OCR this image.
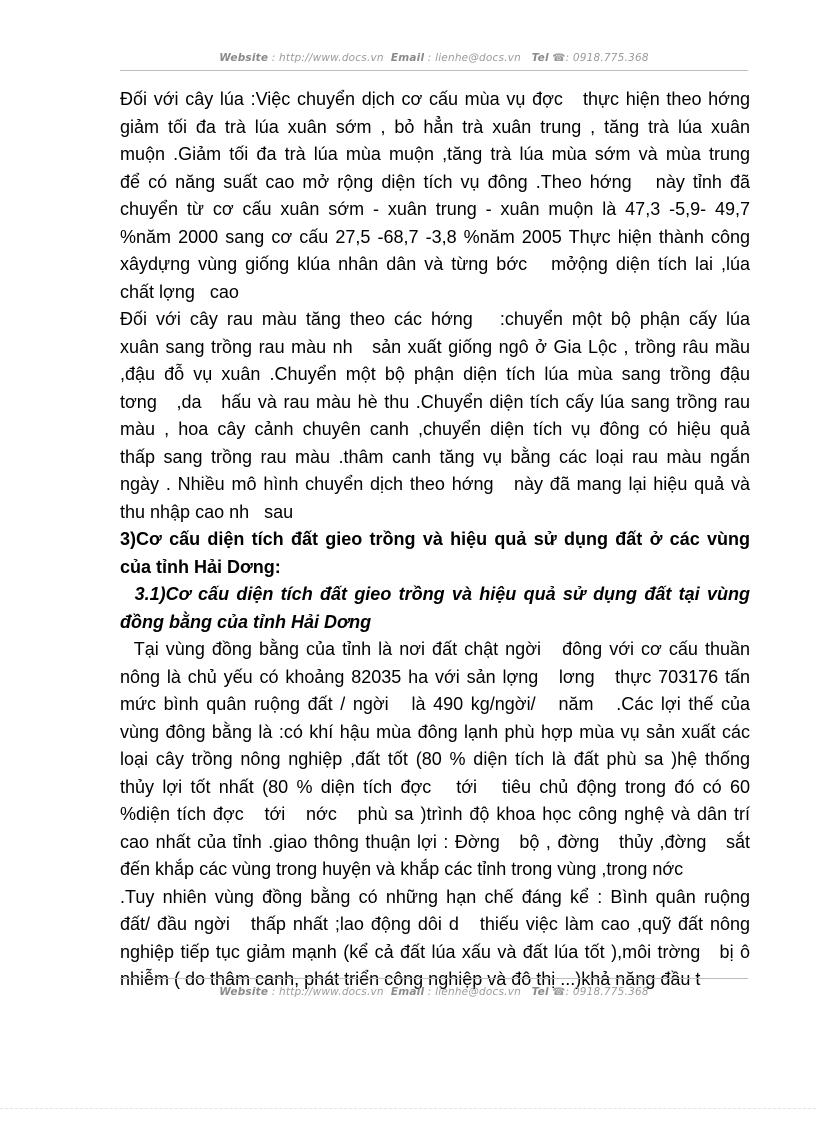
Website : http://www.docs.vn Email : lienhe@docs.vn Tel ☎: 0918.775.368
Đối với cây lúa :Việc chuyển dịch cơ cấu mùa vụ đợc   thực hiện theo hớng
giảm tối đa trà lúa xuân sớm , bỏ hẳn trà xuân trung , tăng trà lúa xuân
muộn .Giảm tối đa trà lúa mùa muộn ,tăng trà lúa mùa sớm và mùa trung
để có năng suất cao mở rộng diện tích vụ đông .Theo hớng   này tỉnh đã
chuyển từ cơ cấu xuân sớm - xuân trung - xuân muộn là 47,3 -5,9- 49,7
%năm 2000 sang cơ cấu 27,5 -68,7 -3,8 %năm 2005 Thực hiện thành công
xâydựng vùng giống klúa nhân dân và từng bớc   mởộng diện tích lai ,lúa
chất lợng   cao
Đối với cây rau màu tăng theo các hớng   :chuyển một bộ phận cấy lúa
xuân sang trồng rau màu nh   sản xuất giống ngô ở Gia Lộc , trồng râu mầu
,đậu đỗ vụ xuân .Chuyển một bộ phận diện tích lúa mùa sang trồng đậu
tơng   ,da   hấu và rau màu hè thu .Chuyển diện tích cấy lúa sang trồng rau
màu , hoa cây cảnh chuyên canh ,chuyển diện tích vụ đông có hiệu quả
thấp sang trồng rau màu .thâm canh tăng vụ bằng các loại rau màu ngắn
ngày . Nhiều mô hình chuyển dịch theo hớng   này đã mang lại hiệu quả và
thu nhập cao nh   sau
3)Cơ cấu diện tích đất gieo trồng và hiệu quả sử dụng đất ở các vùng
của tỉnh Hải Dơng:
3.1)Cơ cấu diện tích đất gieo trồng và hiệu quả sử dụng đất tại vùng
đồng bằng của tỉnh Hải Dơng
Tại vùng đồng bằng của tỉnh là nơi đất chật ngời   đông với cơ cấu thuần
nông là chủ yếu có khoảng 82035 ha với sản lợng   lơng   thực 703176 tấn
mức bình quân ruộng đất / ngời   là 490 kg/ngời/   năm   .Các lợi thế của
vùng đông bằng là :có khí hậu mùa đông lạnh phù hợp mùa vụ sản xuất các
loại cây trồng nông nghiệp ,đất tốt (80 % diện tích là đất phù sa )hệ thống
thủy lợi tốt nhất (80 % diện tích đợc   tới   tiêu chủ động trong đó có 60
%diện tích đợc   tới   nớc   phù sa )trình độ khoa học công nghệ và dân trí
cao nhất của tỉnh .giao thông thuận lợi : Đờng   bộ , đờng   thủy ,đờng   sắt
đến khắp các vùng trong huyện và khắp các tỉnh trong vùng ,trong nớc
.Tuy nhiên vùng đồng bằng có những hạn chế đáng kể : Bình quân ruộng
đất/ đầu ngời   thấp nhất ;lao động dôi d   thiếu việc làm cao ,quỹ đất nông
nghiệp tiếp tục giảm mạnh (kể cả đất lúa xấu và đất lúa tốt ),môi trờng   bị ô
nhiễm ( do thâm canh, phát triển công nghiệp và đô thị ...)khả năng đầu t
Website : http://www.docs.vn Email : lienhe@docs.vn Tel ☎: 0918.775.368
